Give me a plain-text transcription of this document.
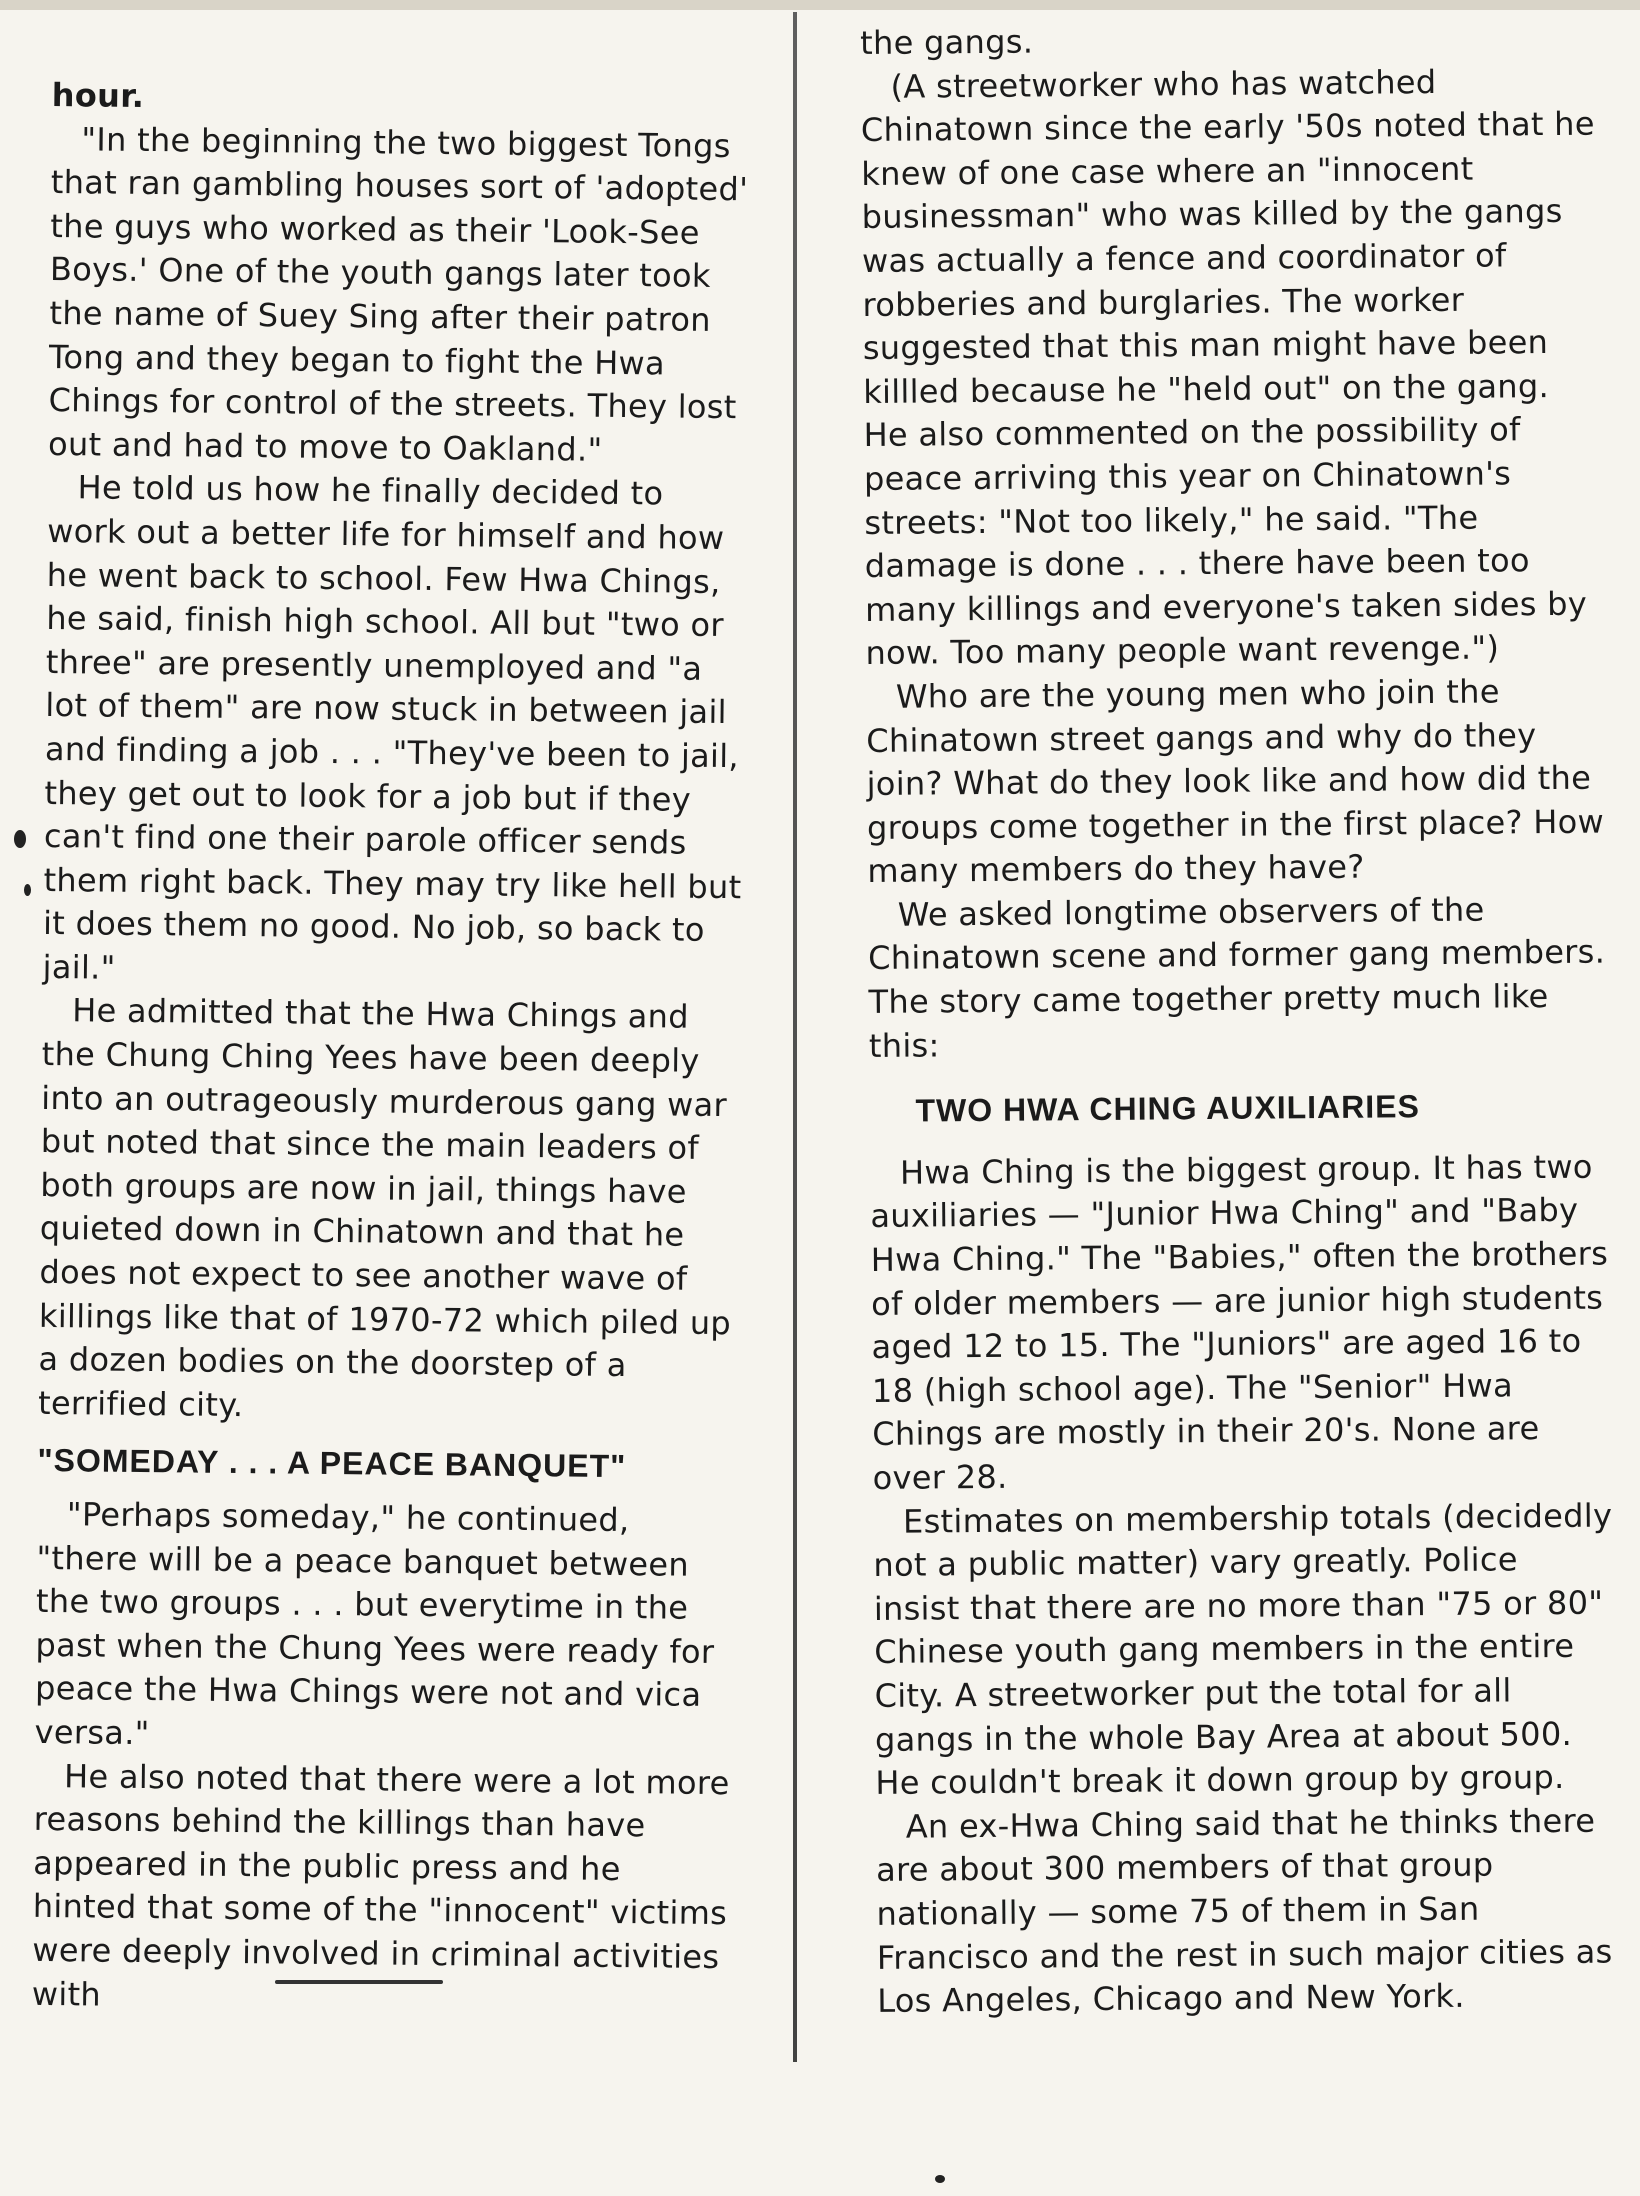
hour.

"In the beginning the two biggest Tongs that ran gambling houses sort of 'adopted' the guys who worked as their 'Look-See Boys.' One of the youth gangs later took the name of Suey Sing after their patron Tong and they began to fight the Hwa Chings for control of the streets. They lost out and had to move to Oakland."

He told us how he finally decided to work out a better life for himself and how he went back to school. Few Hwa Chings, he said, finish high school. All but "two or three" are presently unemployed and "a lot of them" are now stuck in between jail and finding a job . . . "They've been to jail, they get out to look for a job but if they can't find one their parole officer sends them right back. They may try like hell but it does them no good. No job, so back to jail."

He admitted that the Hwa Chings and the Chung Ching Yees have been deeply into an outrageously murderous gang war but noted that since the main leaders of both groups are now in jail, things have quieted down in Chinatown and that he does not expect to see another wave of killings like that of 1970-72 which piled up a dozen bodies on the doorstep of a terrified city.

"SOMEDAY . . . A PEACE BANQUET"

"Perhaps someday," he continued, "there will be a peace banquet between the two groups . . . but everytime in the past when the Chung Yees were ready for peace the Hwa Chings were not and vica versa."

He also noted that there were a lot more reasons behind the killings than have appeared in the public press and he hinted that some of the "innocent" victims were deeply involved in criminal activities with

the gangs.

(A streetworker who has watched Chinatown since the early '50s noted that he knew of one case where an "innocent businessman" who was killed by the gangs was actually a fence and coordinator of robberies and burglaries. The worker suggested that this man might have been killled because he "held out" on the gang. He also commented on the possibility of peace arriving this year on Chinatown's streets: "Not too likely," he said. "The damage is done . . . there have been too many killings and everyone's taken sides by now. Too many people want revenge.")

Who are the young men who join the Chinatown street gangs and why do they join? What do they look like and how did the groups come together in the first place? How many members do they have?

We asked longtime observers of the Chinatown scene and former gang members. The story came together pretty much like this:

TWO HWA CHING AUXILIARIES

Hwa Ching is the biggest group. It has two auxiliaries — "Junior Hwa Ching" and "Baby Hwa Ching." The "Babies," often the brothers of older members — are junior high students aged 12 to 15. The "Juniors" are aged 16 to 18 (high school age). The "Senior" Hwa Chings are mostly in their 20's. None are over 28.

Estimates on membership totals (decidedly not a public matter) vary greatly. Police insist that there are no more than "75 or 80" Chinese youth gang members in the entire City. A streetworker put the total for all gangs in the whole Bay Area at about 500. He couldn't break it down group by group.

An ex-Hwa Ching said that he thinks there are about 300 members of that group nationally — some 75 of them in San Francisco and the rest in such major cities as Los Angeles, Chicago and New York.
